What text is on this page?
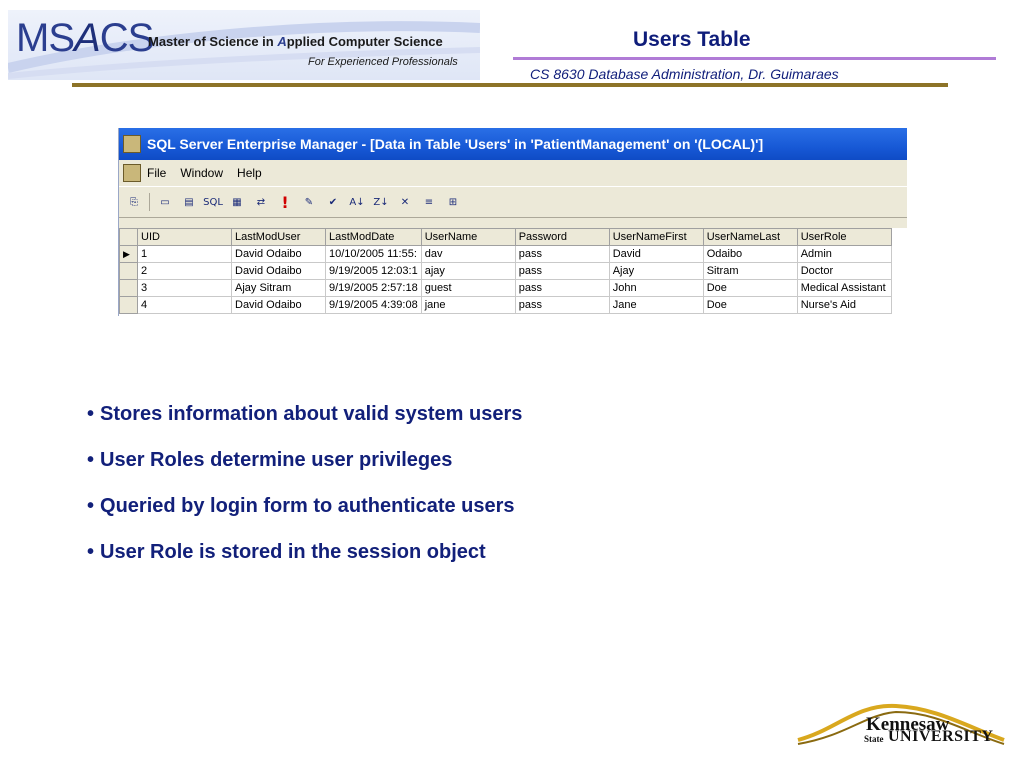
MSACS
Master of Science in Applied Computer Science
For Experienced Professionals
Users Table
CS 8630 Database Administration, Dr. Guimaraes
SQL Server Enterprise Manager - [Data in Table 'Users' in 'PatientManagement' on '(LOCAL)']
File Window Help
⎘	▭	▤ SQL ▦	⇄	!	✎	✔	A↓ Z↓	✕	≡	⊞
	UID	LastModUser	LastModDate	UserName	Password	UserNameFirst	UserNameLast	UserRole
▶	1	David Odaibo	10/10/2005 11:55:	dav	pass	David	Odaibo	Admin
	2	David Odaibo	9/19/2005 12:03:1	ajay	pass	Ajay	Sitram	Doctor
	3	Ajay Sitram	9/19/2005 2:57:18	guest	pass	John	Doe	Medical Assistant
	4	David Odaibo	9/19/2005 4:39:08	jane	pass	Jane	Doe	Nurse's Aid
• Stores information about valid system users
• User Roles determine user privileges
• Queried by login form to authenticate users
• User Role is stored in the session object
Kennesaw
State UNIVERSITY
